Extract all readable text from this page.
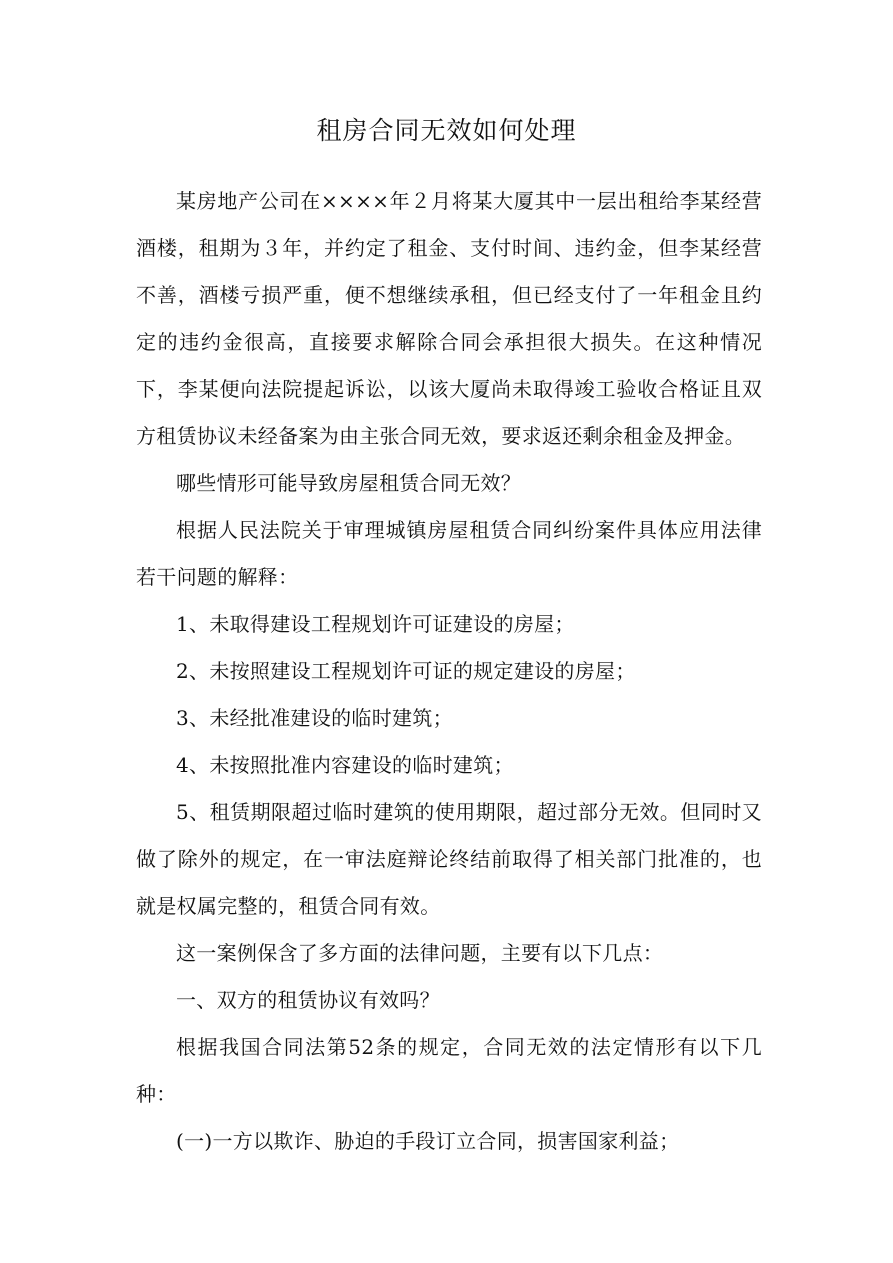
租房合同无效如何处理

某房地产公司在××××年２月将某大厦其中一层出租给李某经营酒楼，租期为３年，并约定了租金、支付时间、违约金，但李某经营不善，酒楼亏损严重，便不想继续承租，但已经支付了一年租金且约定的违约金很高，直接要求解除合同会承担很大损失。在这种情况下，李某便向法院提起诉讼，以该大厦尚未取得竣工验收合格证且双方租赁协议未经备案为由主张合同无效，要求返还剩余租金及押金。

哪些情形可能导致房屋租赁合同无效？

根据人民法院关于审理城镇房屋租赁合同纠纷案件具体应用法律若干问题的解释：

1、未取得建设工程规划许可证建设的房屋；

2、未按照建设工程规划许可证的规定建设的房屋；

3、未经批准建设的临时建筑；

4、未按照批准内容建设的临时建筑；

5、租赁期限超过临时建筑的使用期限，超过部分无效。但同时又做了除外的规定，在一审法庭辩论终结前取得了相关部门批准的，也就是权属完整的，租赁合同有效。

这一案例保含了多方面的法律问题，主要有以下几点：

一、双方的租赁协议有效吗？

根据我国合同法第52条的规定，合同无效的法定情形有以下几种：

(一)一方以欺诈、胁迫的手段订立合同，损害国家利益；
